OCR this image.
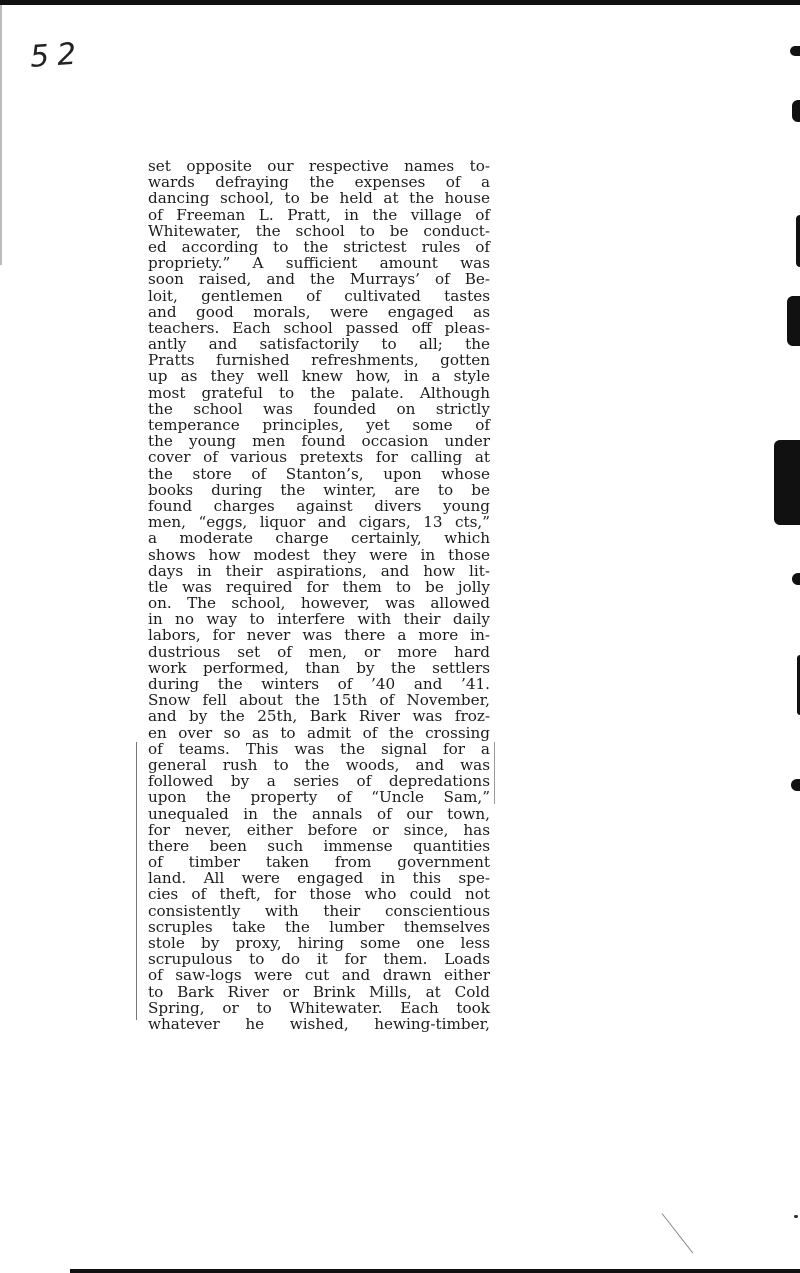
52
set opposite our respective names to-
wards defraying the expenses of a
dancing school, to be held at the house
of Freeman L. Pratt, in the village of
Whitewater, the school to be conduct-
ed according to the strictest rules of
propriety.” A sufficient amount was
soon raised, and the Murrays’ of Be-
loit, gentlemen of cultivated tastes
and good morals, were engaged as
teachers. Each school passed off pleas-
antly and satisfactorily to all; the
Pratts furnished refreshments, gotten
up as they well knew how, in a style
most grateful to the palate. Although
the school was founded on strictly
temperance principles, yet some of
the young men found occasion under
cover of various pretexts for calling at
the store of Stanton’s, upon whose
books during the winter, are to be
found charges against divers young
men, “eggs, liquor and cigars, 13 cts,”
a moderate charge certainly, which
shows how modest they were in those
days in their aspirations, and how lit-
tle was required for them to be jolly
on. The school, however, was allowed
in no way to interfere with their daily
labors, for never was there a more in-
dustrious set of men, or more hard
work performed, than by the settlers
during the winters of ’40 and ’41.
Snow fell about the 15th of November,
and by the 25th, Bark River was froz-
en over so as to admit of the crossing
of teams. This was the signal for a
general rush to the woods, and was
followed by a series of depredations
upon the property of “Uncle Sam,”
unequaled in the annals of our town,
for never, either before or since, has
there been such immense quantities
of timber taken from government
land. All were engaged in this spe-
cies of theft, for those who could not
consistently with their conscientious
scruples take the lumber themselves
stole by proxy, hiring some one less
scrupulous to do it for them. Loads
of saw-logs were cut and drawn either
to Bark River or Brink Mills, at Cold
Spring, or to Whitewater. Each took
whatever he wished, hewing-timber,
